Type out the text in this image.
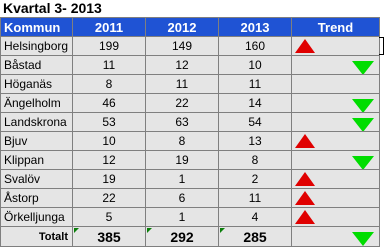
Kvartal 3- 2013
Kommun	2011	2012	2013	Trend
Helsingborg	199	149	160	

Båstad	11	12	10	

Höganäs	8	11	11	
Ängelholm	46	22	14	

Landskrona	53	63	54	

Bjuv	10	8	13	

Klippan	12	19	8	

Svalöv	19	1	2	

Åstorp	22	6	11	

Örkelljunga	5	1	4	

Totalt	385	292	285	
